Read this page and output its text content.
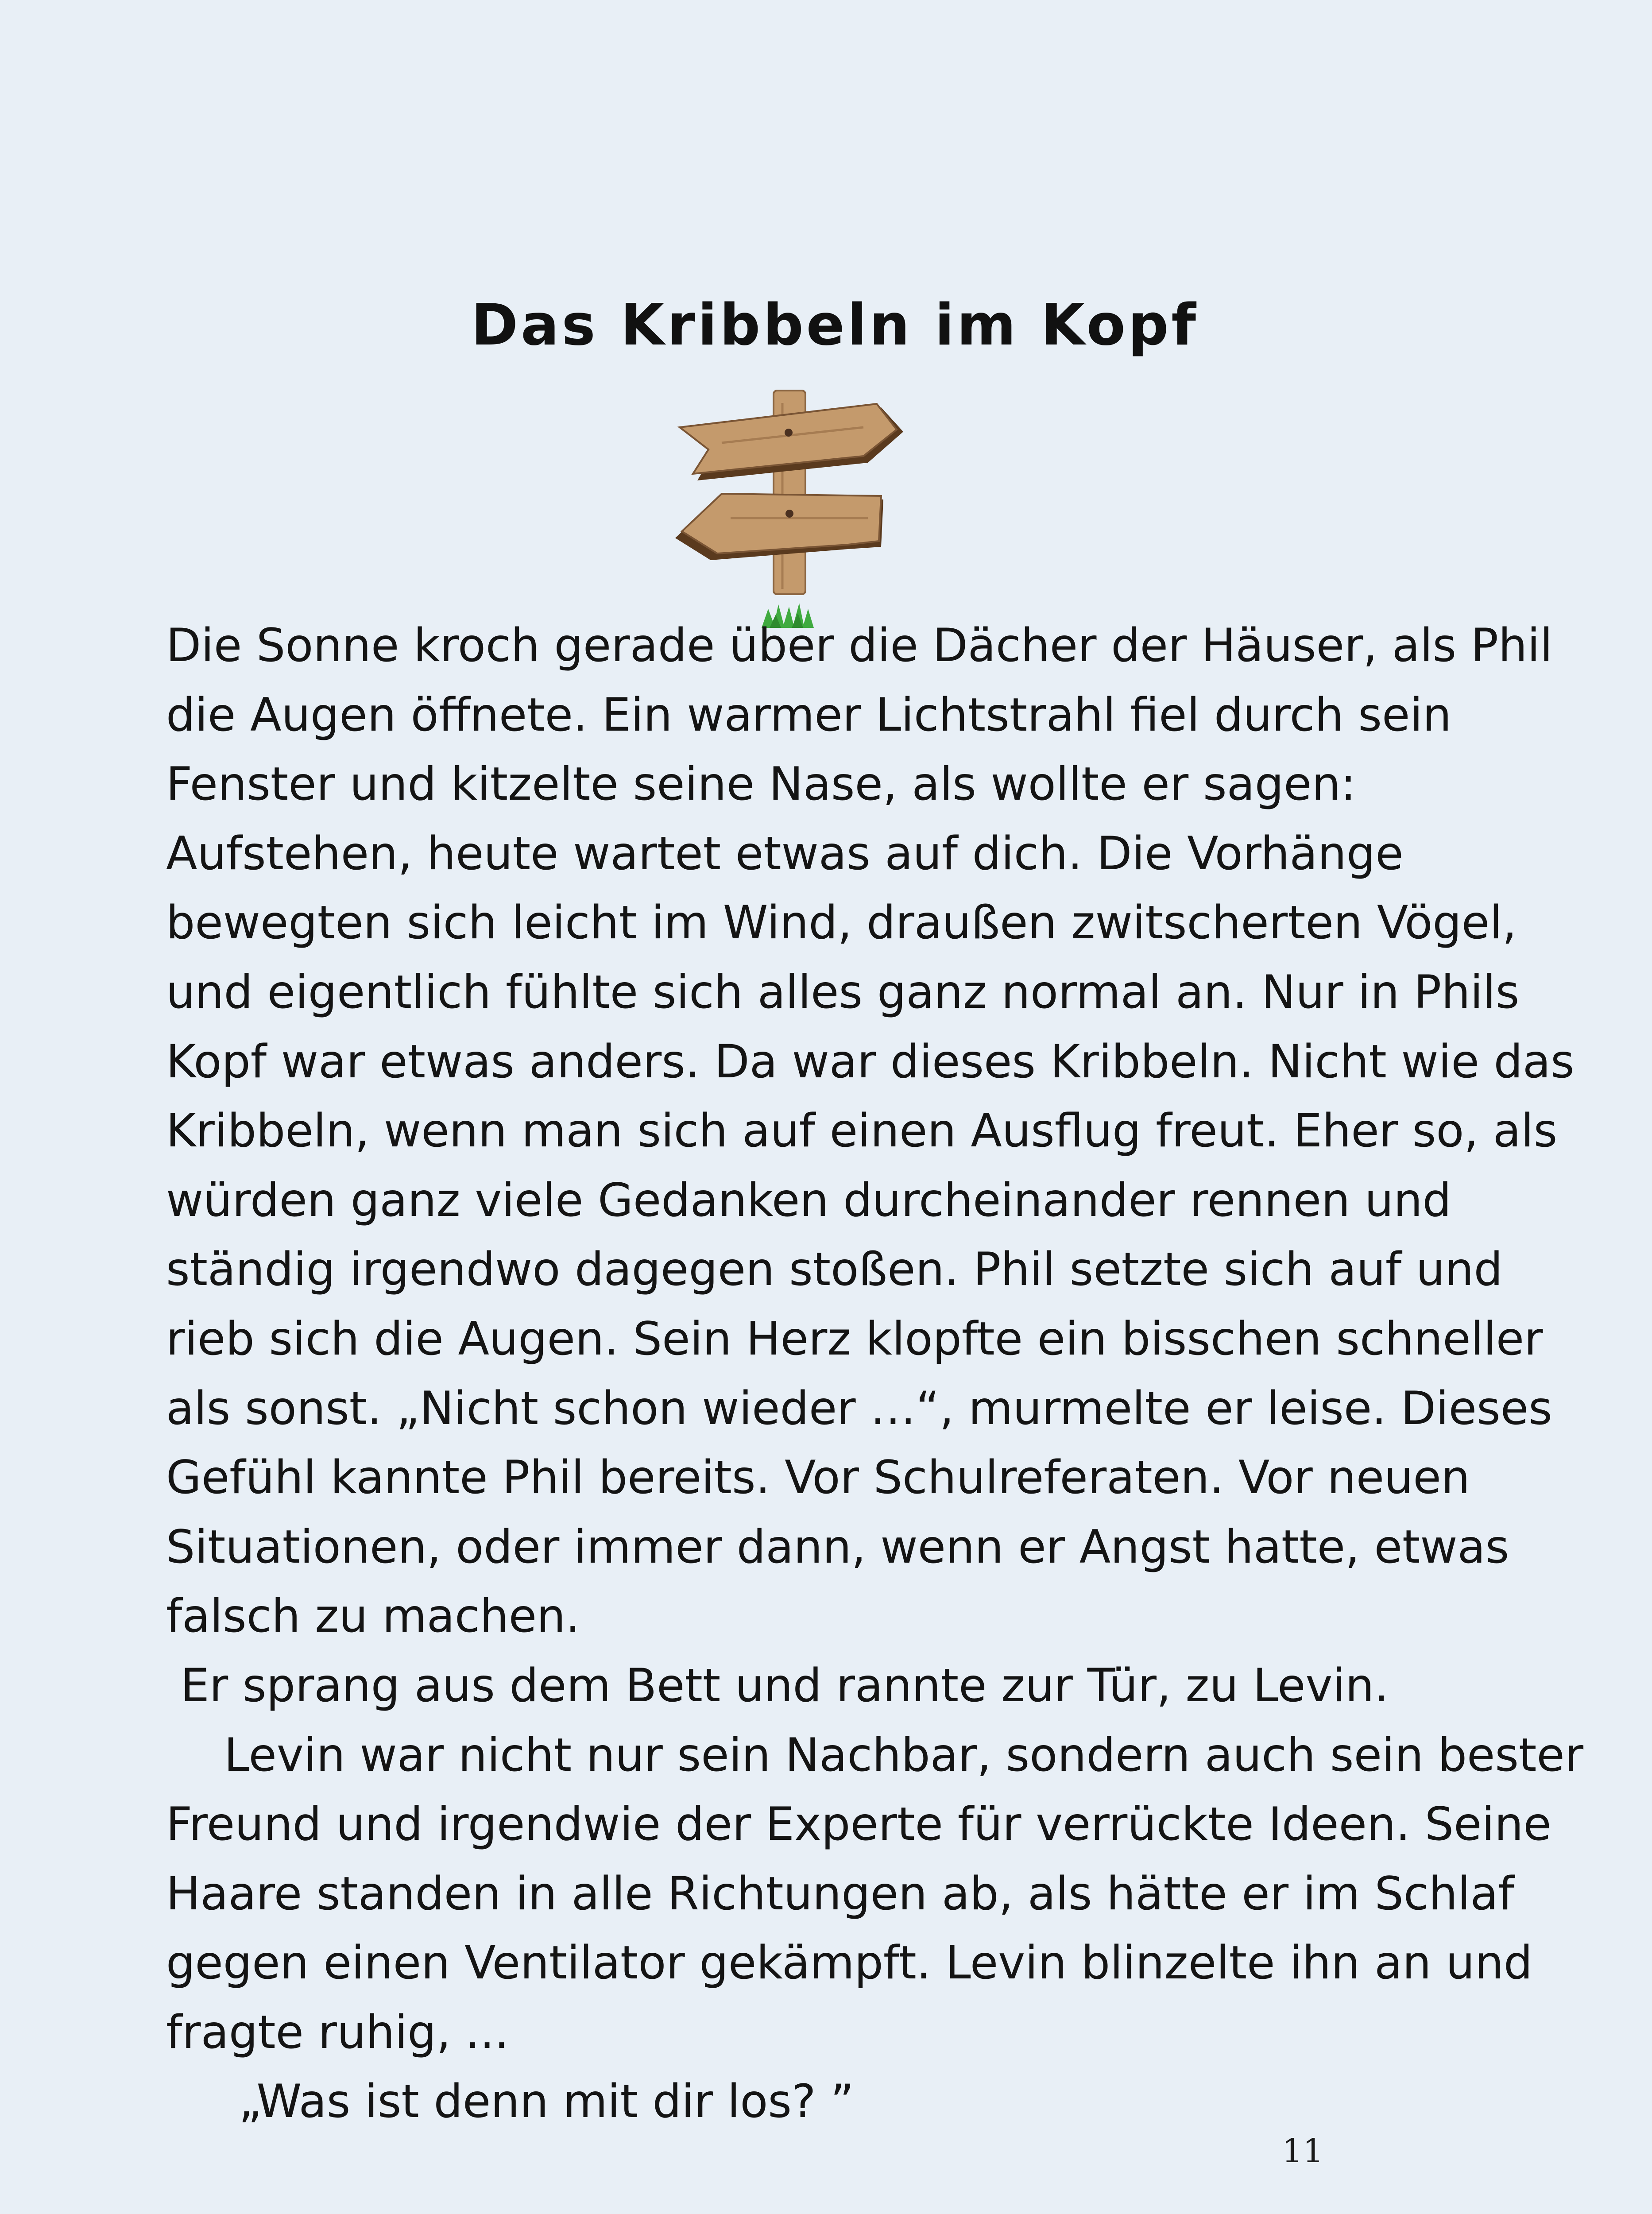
Das Kribbeln im Kopf
Die Sonne kroch gerade über die Dächer der Häuser, als Phil
die Augen öffnete. Ein warmer Lichtstrahl fiel durch sein
Fenster und kitzelte seine Nase, als wollte er sagen:
Aufstehen, heute wartet etwas auf dich. Die Vorhänge
bewegten sich leicht im Wind, draußen zwitscherten Vögel,
und eigentlich fühlte sich alles ganz normal an. Nur in Phils
Kopf war etwas anders. Da war dieses Kribbeln. Nicht wie das
Kribbeln, wenn man sich auf einen Ausflug freut. Eher so, als
würden ganz viele Gedanken durcheinander rennen und
ständig irgendwo dagegen stoßen. Phil setzte sich auf und
rieb sich die Augen. Sein Herz klopfte ein bisschen schneller
als sonst. „Nicht schon wieder …“, murmelte er leise. Dieses
Gefühl kannte Phil bereits. Vor Schulreferaten. Vor neuen
Situationen, oder immer dann, wenn er Angst hatte, etwas
falsch zu machen.
Er sprang aus dem Bett und rannte zur Tür, zu Levin.
Levin war nicht nur sein Nachbar, sondern auch sein bester
Freund und irgendwie der Experte für verrückte Ideen. Seine
Haare standen in alle Richtungen ab, als hätte er im Schlaf
gegen einen Ventilator gekämpft. Levin blinzelte ihn an und
fragte ruhig, ...
„Was ist denn mit dir los? ”
11
